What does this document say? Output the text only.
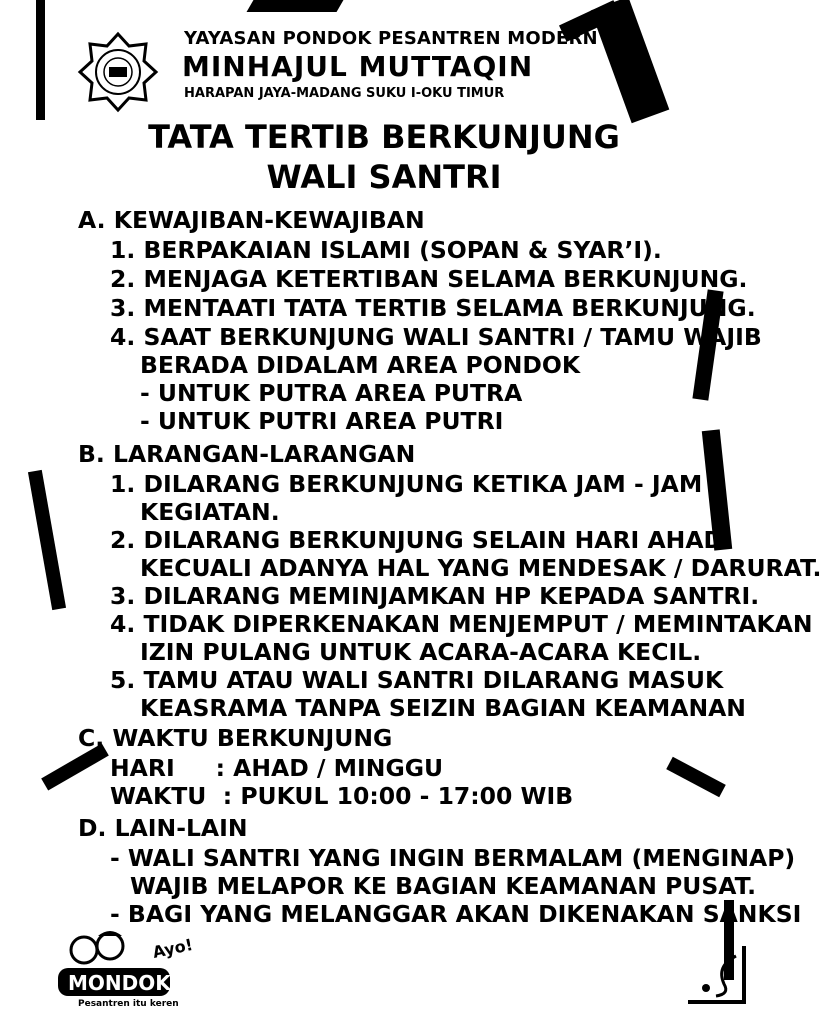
YAYASAN PONDOK PESANTREN MODERN
MINHAJUL MUTTAQIN
HARAPAN JAYA-MADANG SUKU I-OKU TIMUR
TATA TERTIB BERKUNJUNG
WALI SANTRI
A. KEWAJIBAN-KEWAJIBAN
1. BERPAKAIAN ISLAMI (SOPAN & SYAR’I).
2. MENJAGA KETERTIBAN SELAMA BERKUNJUNG.
3. MENTAATI TATA TERTIB SELAMA BERKUNJUNG.
4. SAAT BERKUNJUNG WALI SANTRI / TAMU WAJIB
BERADA DIDALAM AREA PONDOK
- UNTUK PUTRA AREA PUTRA
- UNTUK PUTRI AREA PUTRI
B. LARANGAN-LARANGAN
1. DILARANG BERKUNJUNG KETIKA JAM - JAM
KEGIATAN.
2. DILARANG BERKUNJUNG SELAIN HARI AHAD
KECUALI ADANYA HAL YANG MENDESAK / DARURAT.
3. DILARANG MEMINJAMKAN HP KEPADA SANTRI.
4. TIDAK DIPERKENAKAN MENJEMPUT / MEMINTAKAN
IZIN PULANG UNTUK ACARA-ACARA KECIL.
5. TAMU ATAU WALI SANTRI DILARANG MASUK
KEASRAMA TANPA SEIZIN BAGIAN KEAMANAN
C. WAKTU BERKUNJUNG
HARI     : AHAD / MINGGU
WAKTU  : PUKUL 10:00 - 17:00 WIB
D. LAIN-LAIN
- WALI SANTRI YANG INGIN BERMALAM (MENGINAP)
WAJIB MELAPOR KE BAGIAN KEAMANAN PUSAT.
- BAGI YANG MELANGGAR AKAN DIKENAKAN SANKSI
Ayo!
MONDOK
Pesantren itu keren
